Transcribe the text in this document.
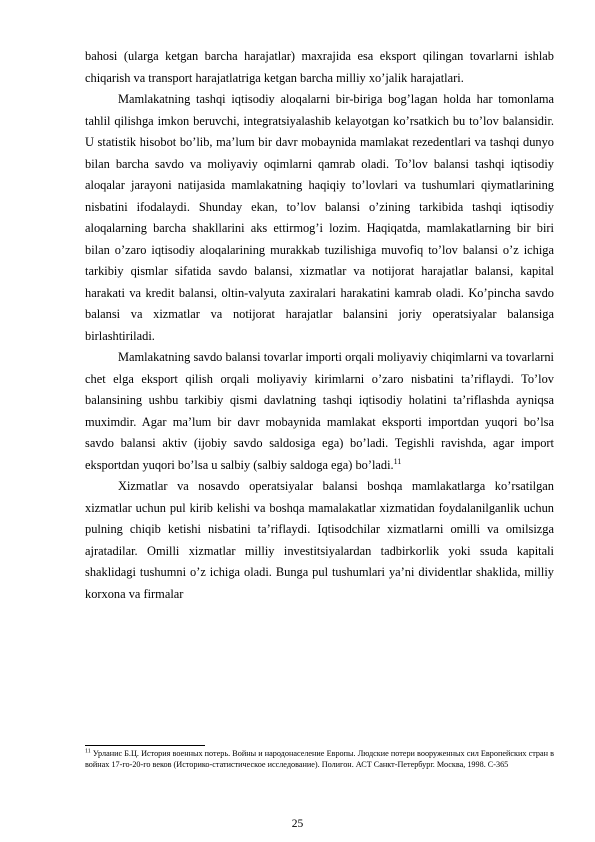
bahosi (ularga ketgan barcha harajatlar) maxrajida esa eksport qilingan tovarlarni ishlab chiqarish va transport harajatlatriga ketgan barcha milliy xo’jalik harajatlari.

Mamlakatning tashqi iqtisodiy aloqalarni bir-biriga bog’lagan holda har tomonlama tahlil qilishga imkon beruvchi, integratsiyalashib kelayotgan ko’rsatkich bu to’lov balansidir. U statistik hisobot bo’lib, ma’lum bir davr mobaynida mamlakat rezedentlari va tashqi dunyo bilan barcha savdo va moliyaviy oqimlarni qamrab oladi. To’lov balansi tashqi iqtisodiy aloqalar jarayoni natijasida mamlakatning haqiqiy to’lovlari va tushumlari qiymatlarining nisbatini ifodalaydi. Shunday ekan, to’lov balansi o’zining tarkibida tashqi iqtisodiy aloqalarning barcha shakllarini aks ettirmog’i lozim. Haqiqatda, mamlakatlarning bir biri bilan o’zaro iqtisodiy aloqalarining murakkab tuzilishiga muvofiq to’lov balansi o’z ichiga tarkibiy qismlar sifatida savdo balansi, xizmatlar va notijorat harajatlar balansi, kapital harakati va kredit balansi, oltin-valyuta zaxiralari harakatini kamrab oladi. Ko’pincha savdo balansi va xizmatlar va notijorat harajatlar balansini joriy operatsiyalar balansiga birlashtiriladi.

Mamlakatning savdo balansi tovarlar importi orqali moliyaviy chiqimlarni va tovarlarni chet elga eksport qilish orqali moliyaviy kirimlarni o’zaro nisbatini ta’riflaydi. To’lov balansining ushbu tarkibiy qismi davlatning tashqi iqtisodiy holatini ta’riflashda ayniqsa muximdir. Agar ma’lum bir davr mobaynida mamlakat eksporti importdan yuqori bo’lsa savdo balansi aktiv (ijobiy savdo saldosiga ega) bo’ladi. Tegishli ravishda, agar import eksportdan yuqori bo’lsa u salbiy (salbiy saldoga ega) bo’ladi.$^{11}$

Xizmatlar va nosavdo operatsiyalar balansi boshqa mamlakatlarga ko’rsatilgan xizmatlar uchun pul kirib kelishi va boshqa mamalakatlar xizmatidan foydalanilganlik uchun pulning chiqib ketishi nisbatini ta’riflaydi. Iqtisodchilar xizmatlarni omilli va omilsizga ajratadilar. Omilli xizmatlar milliy investitsiyalardan tadbirkorlik yoki ssuda kapitali shaklidagi tushumni o’z ichiga oladi. Bunga pul tushumlari ya’ni dividentlar shaklida, milliy korxona va firmalar

$^{11}$ Урланис Б.Ц. История военных потерь. Войны и народонаселение Европы. Людские потери вооруженных сил Европейских стран в войнах 17-го-20-го веков (Историко-статистическое исследование). Полигон. АСТ Санкт-Петербург. Москва, 1998. С-365
25
